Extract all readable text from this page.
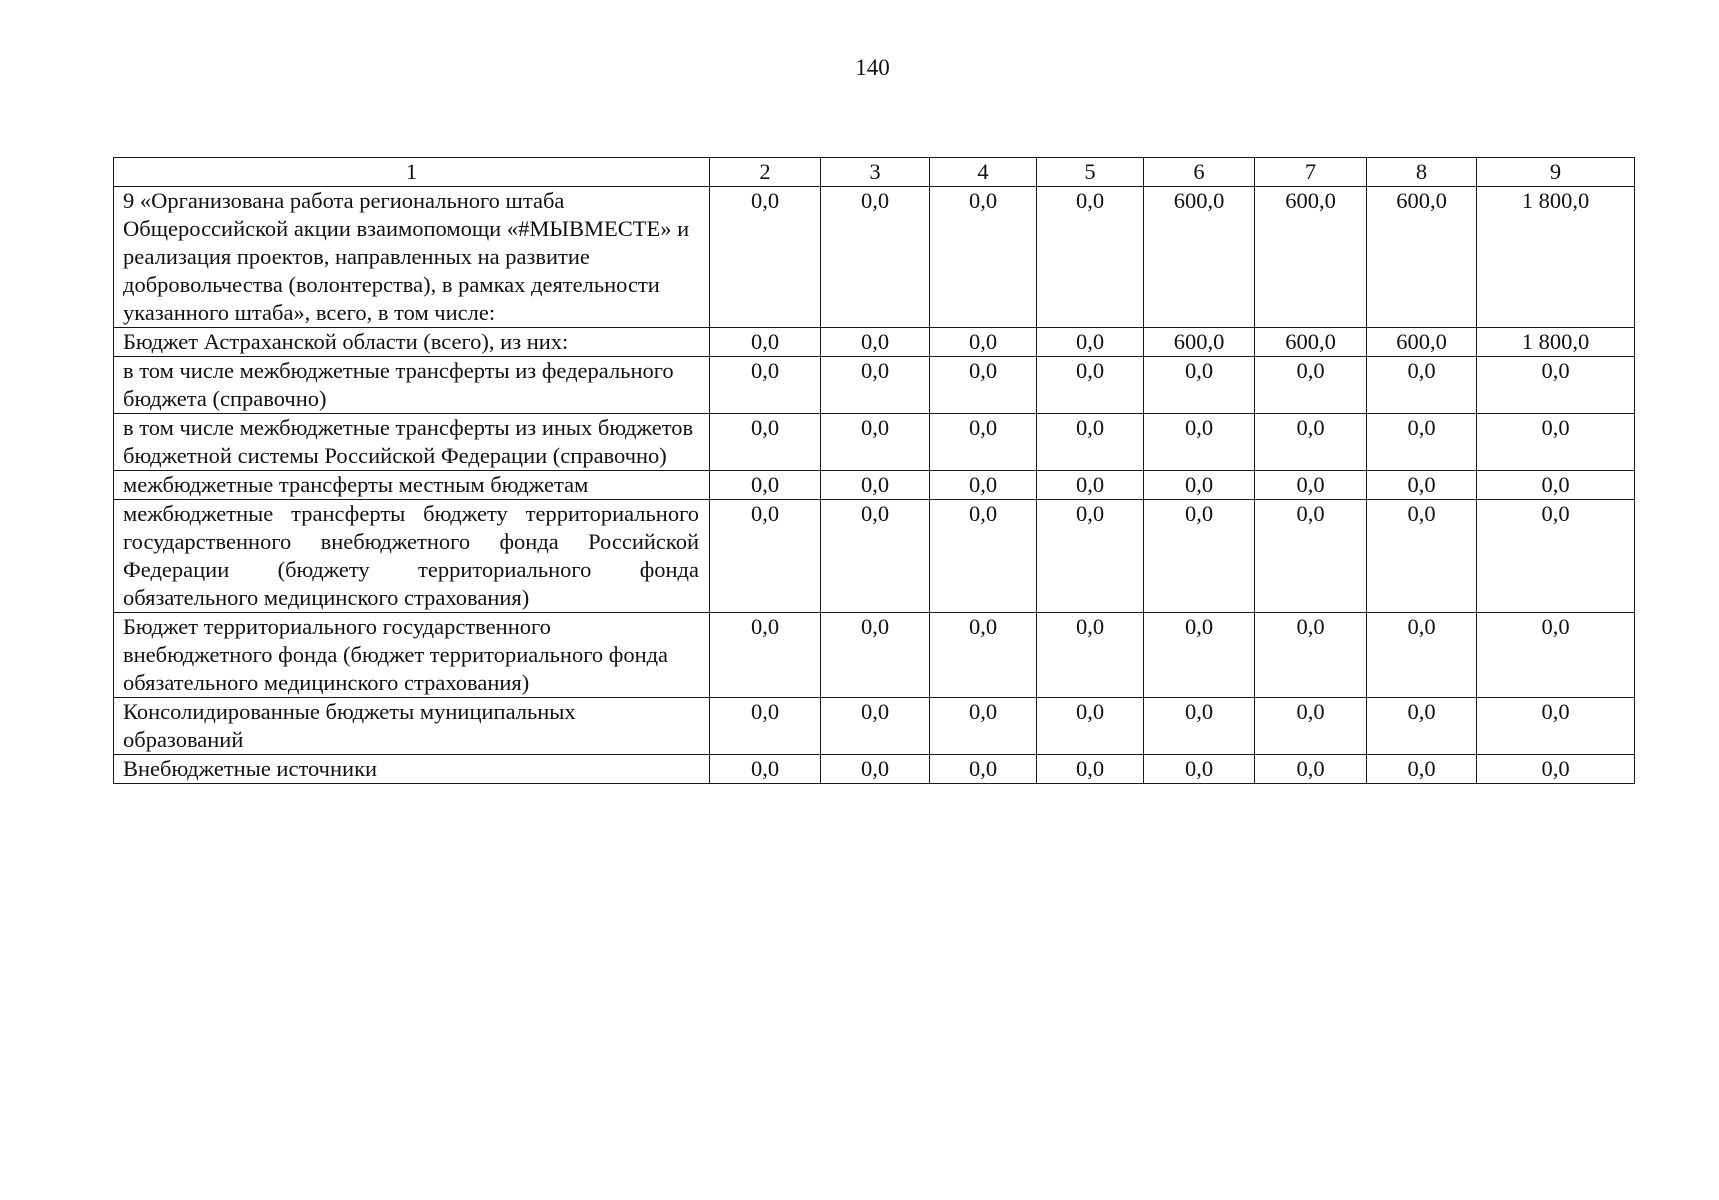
140
1	2	3	4	5	6	7	8	9
9 «Организована работа регионального штаба Общероссийской акции взаимопомощи «#МЫВМЕСТЕ» и реализация проектов, направленных на развитие добровольчества (волонтерства), в рамках деятельности указанного штаба», всего, в том числе:	0,0	0,0	0,0	0,0	600,0	600,0	600,0	1 800,0
Бюджет Астраханской области (всего), из них:	0,0	0,0	0,0	0,0	600,0	600,0	600,0	1 800,0
в том числе межбюджетные трансферты из федерального бюджета (справочно)	0,0	0,0	0,0	0,0	0,0	0,0	0,0	0,0
в том числе межбюджетные трансферты из иных бюджетов бюджетной системы Российской Федерации (справочно)	0,0	0,0	0,0	0,0	0,0	0,0	0,0	0,0
межбюджетные трансферты местным бюджетам	0,0	0,0	0,0	0,0	0,0	0,0	0,0	0,0
межбюджетные трансферты бюджету территориального государственного внебюджетного фонда Российской Федерации (бюджету территориального фонда обязательного медицинского страхования)	0,0	0,0	0,0	0,0	0,0	0,0	0,0	0,0
Бюджет территориального государственного внебюджетного фонда (бюджет территориального фонда обязательного медицинского страхования)	0,0	0,0	0,0	0,0	0,0	0,0	0,0	0,0
Консолидированные бюджеты муниципальных образований	0,0	0,0	0,0	0,0	0,0	0,0	0,0	0,0
Внебюджетные источники	0,0	0,0	0,0	0,0	0,0	0,0	0,0	0,0
